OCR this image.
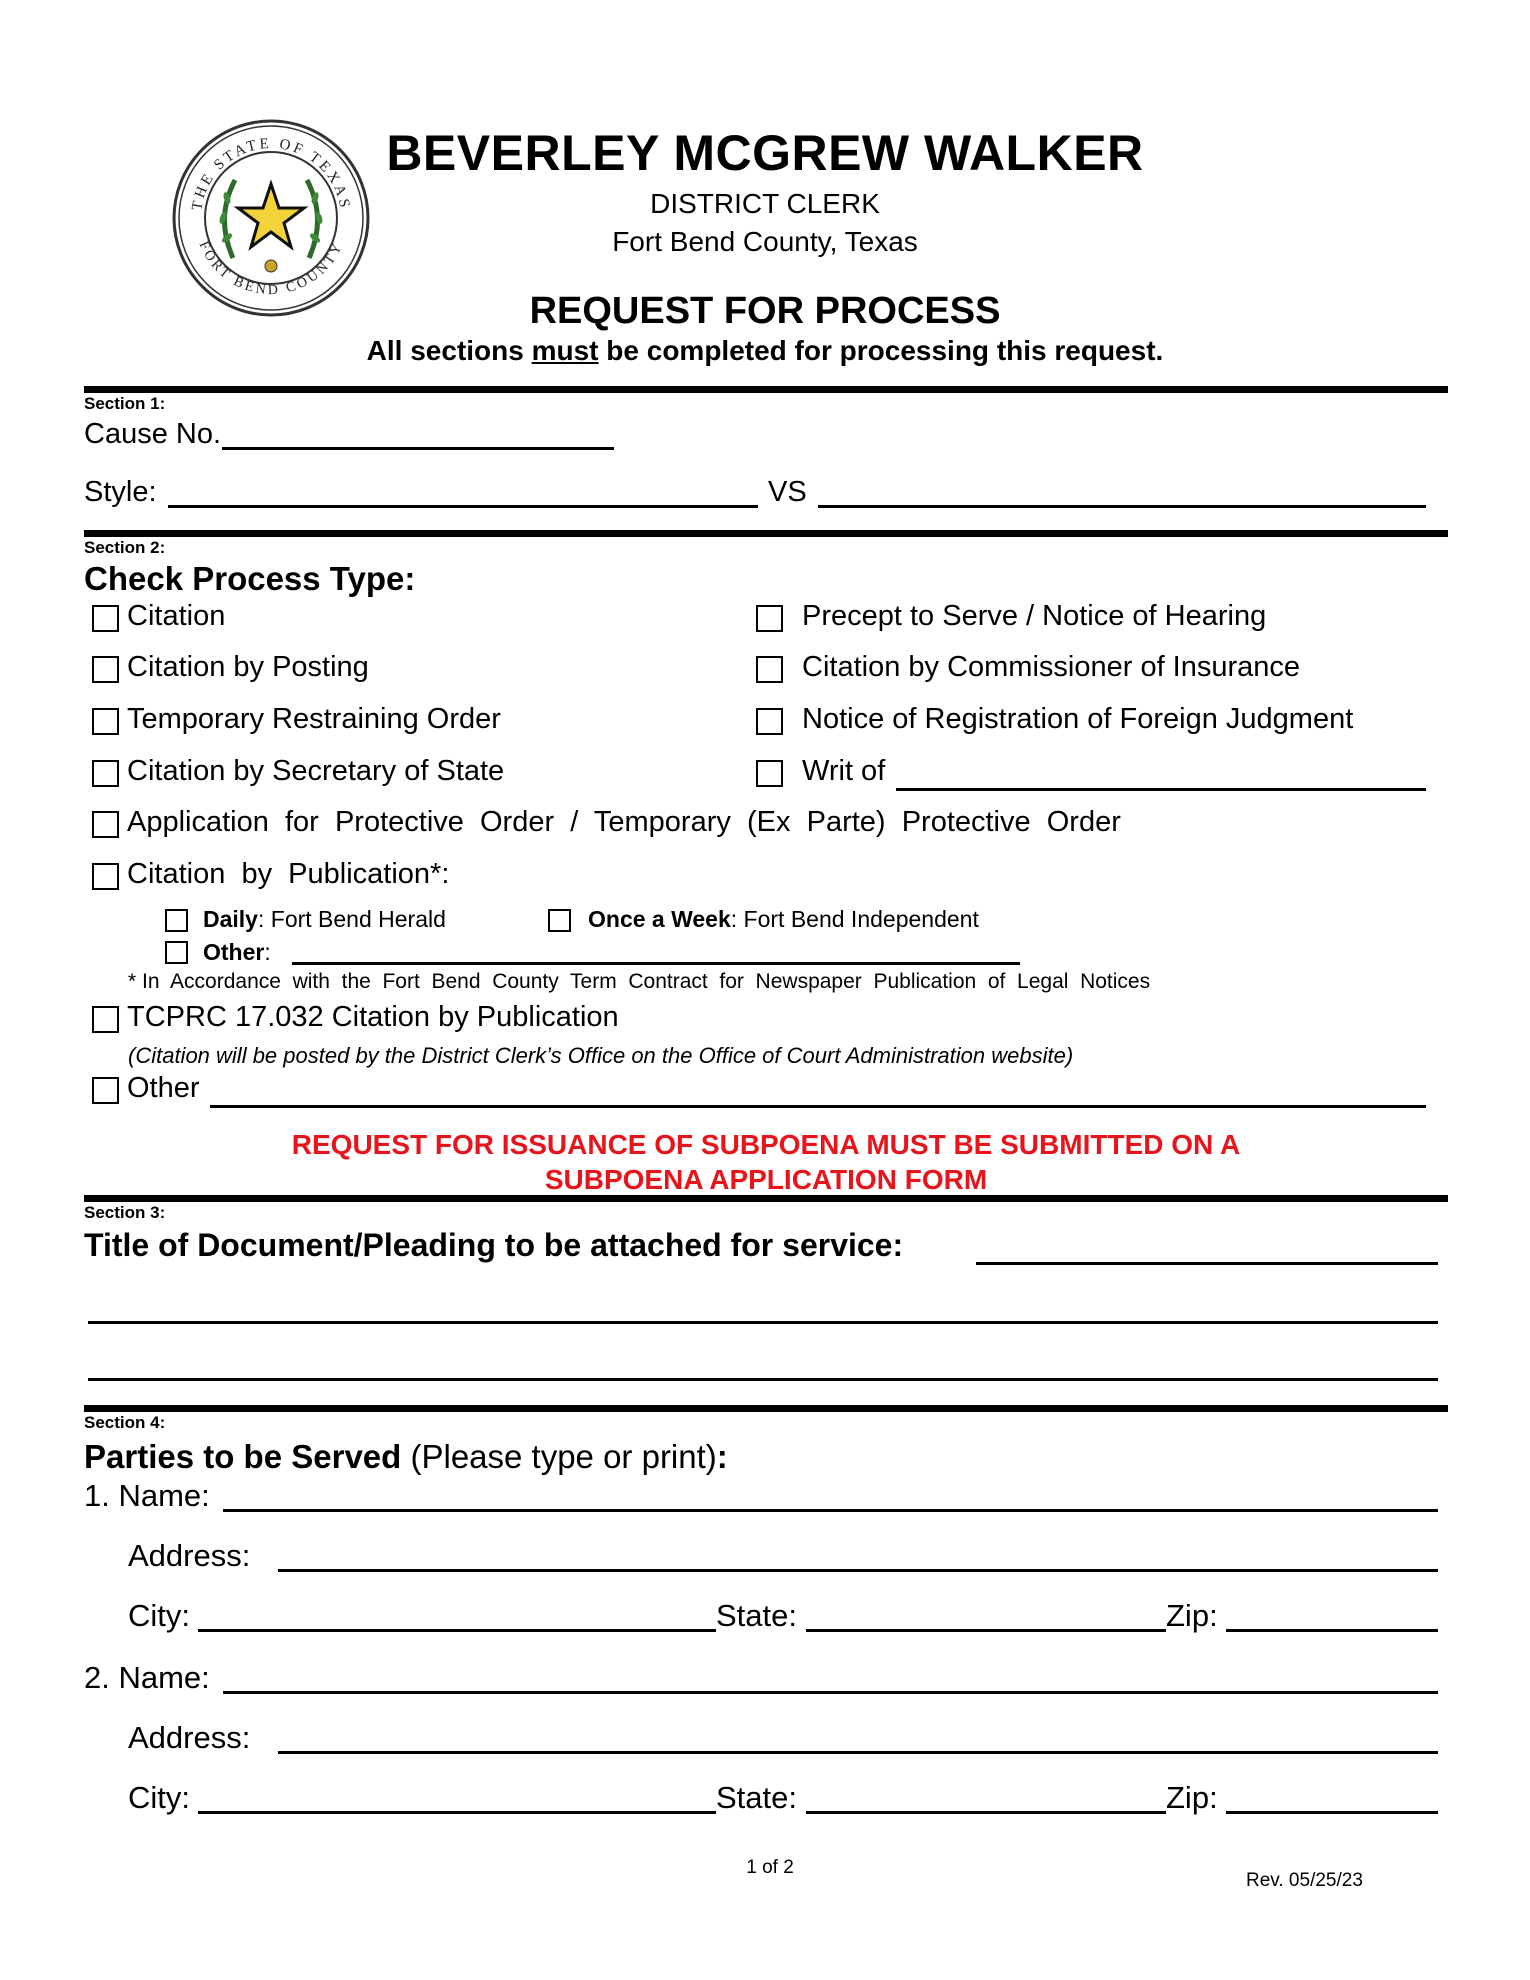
THE STATE OF TEXAS
FORT BEND COUNTY
BEVERLEY MCGREW WALKER
DISTRICT CLERK
Fort Bend County, Texas
REQUEST FOR PROCESS
All sections must be completed for processing this request.
Section 1:
Cause No.
Style:	VS
Section 2:
Check Process Type:
Citation
Citation by Posting
Temporary Restraining Order
Citation by Secretary of State
Precept to Serve / Notice of Hearing
Citation by Commissioner of Insurance
Notice of Registration of Foreign Judgment
Writ of
Application  for  Protective  Order  /  Temporary  (Ex  Parte)  Protective  Order
Citation  by  Publication*:
Daily: Fort Bend Herald	Once a Week: Fort Bend Independent
Other:
* In  Accordance  with  the  Fort  Bend  County  Term  Contract  for  Newspaper  Publication  of  Legal  Notices
TCPRC 17.032 Citation by Publication
(Citation will be posted by the District Clerk’s Office on the Office of Court Administration website)
Other
REQUEST FOR ISSUANCE OF SUBPOENA MUST BE SUBMITTED ON A
SUBPOENA APPLICATION FORM
Section 3:
Title of Document/Pleading to be attached for service:
Section 4:
Parties to be Served (Please type or print):
1. Name:
Address:
City:	State:	Zip:
2. Name:
Address:
City:	State:	Zip:
1 of 2
Rev. 05/25/23
